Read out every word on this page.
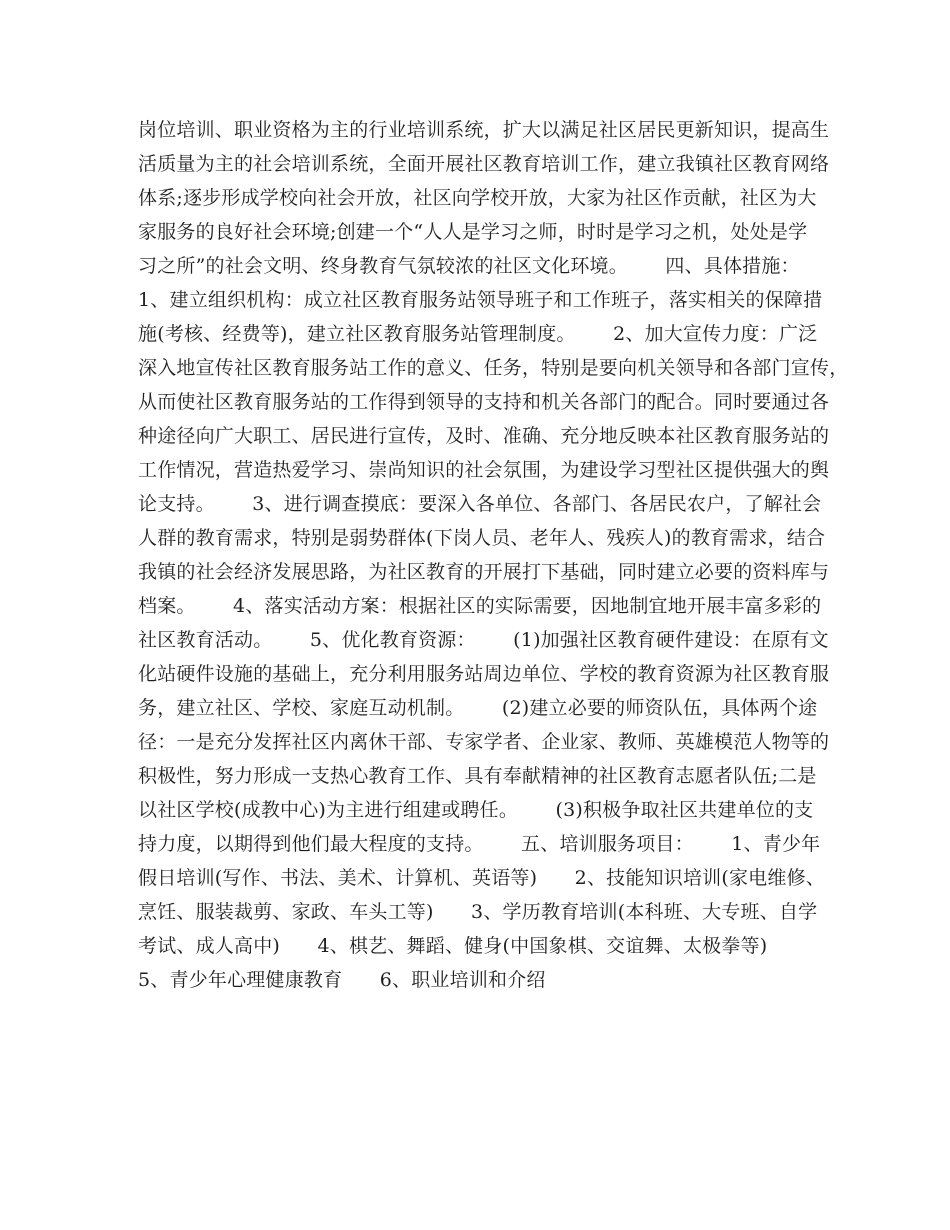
岗位培训、职业资格为主的行业培训系统，扩大以满足社区居民更新知识，提高生
活质量为主的社会培训系统，全面开展社区教育培训工作，建立我镇社区教育网络
体系;逐步形成学校向社会开放，社区向学校开放，大家为社区作贡献，社区为大
家服务的良好社会环境;创建一个“人人是学习之师，时时是学习之机，处处是学
习之所”的社会文明、终身教育气氛较浓的社区文化环境。      四、具体措施：
1、建立组织机构：成立社区教育服务站领导班子和工作班子，落实相关的保障措
施(考核、经费等)，建立社区教育服务站管理制度。      2、加大宣传力度：广泛
深入地宣传社区教育服务站工作的意义、任务，特别是要向机关领导和各部门宣传，
从而使社区教育服务站的工作得到领导的支持和机关各部门的配合。同时要通过各
种途径向广大职工、居民进行宣传，及时、准确、充分地反映本社区教育服务站的
工作情况，营造热爱学习、崇尚知识的社会氛围，为建设学习型社区提供强大的舆
论支持。      3、进行调查摸底：要深入各单位、各部门、各居民农户，了解社会
人群的教育需求，特别是弱势群体(下岗人员、老年人、残疾人)的教育需求，结合
我镇的社会经济发展思路，为社区教育的开展打下基础，同时建立必要的资料库与
档案。      4、落实活动方案：根据社区的实际需要，因地制宜地开展丰富多彩的
社区教育活动。      5、优化教育资源：      (1)加强社区教育硬件建设：在原有文
化站硬件设施的基础上，充分利用服务站周边单位、学校的教育资源为社区教育服
务，建立社区、学校、家庭互动机制。      (2)建立必要的师资队伍，具体两个途
径：一是充分发挥社区内离休干部、专家学者、企业家、教师、英雄模范人物等的
积极性，努力形成一支热心教育工作、具有奉献精神的社区教育志愿者队伍;二是
以社区学校(成教中心)为主进行组建或聘任。      (3)积极争取社区共建单位的支
持力度，以期得到他们最大程度的支持。      五、培训服务项目：      1、青少年
假日培训(写作、书法、美术、计算机、英语等)      2、技能知识培训(家电维修、
烹饪、服装裁剪、家政、车头工等)      3、学历教育培训(本科班、大专班、自学
考试、成人高中)      4、棋艺、舞蹈、健身(中国象棋、交谊舞、太极拳等)
5、青少年心理健康教育      6、职业培训和介绍
